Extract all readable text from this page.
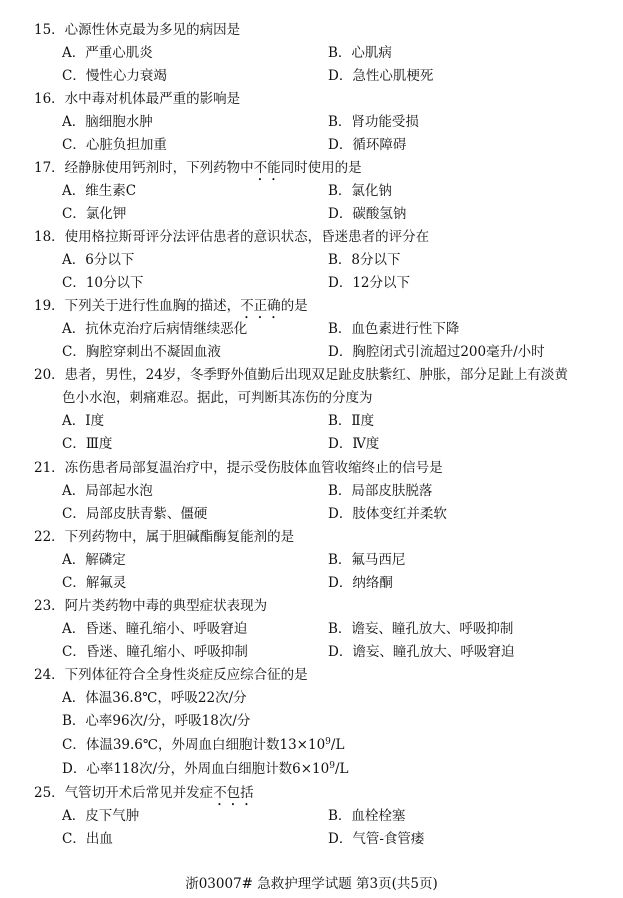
15．心源性休克最为多见的病因是
A．严重心肌炎	B．心肌病
C．慢性心力衰竭	D．急性心肌梗死
16．水中毒对机体最严重的影响是
A．脑细胞水肿	B．肾功能受损
C．心脏负担加重	D．循环障碍
17．经静脉使用钙剂时，下列药物中不能同时使用的是
A．维生素C	B．氯化钠
C．氯化钾	D．碳酸氢钠
18．使用格拉斯哥评分法评估患者的意识状态，昏迷患者的评分在
A．6分以下	B．8分以下
C．10分以下	D．12分以下
19．下列关于进行性血胸的描述，不正确的是
A．抗休克治疗后病情继续恶化	B．血色素进行性下降
C．胸腔穿刺出不凝固血液	D．胸腔闭式引流超过200毫升/小时
20．患者，男性，24岁，冬季野外值勤后出现双足趾皮肤紫红、肿胀，部分足趾上有淡黄
色小水泡，刺痛难忍。据此，可判断其冻伤的分度为
A．Ⅰ度	B．Ⅱ度
C．Ⅲ度	D．Ⅳ度
21．冻伤患者局部复温治疗中，提示受伤肢体血管收缩终止的信号是
A．局部起水泡	B．局部皮肤脱落
C．局部皮肤青紫、僵硬	D．肢体变红并柔软
22．下列药物中，属于胆碱酯酶复能剂的是
A．解磷定	B．氟马西尼
C．解氟灵	D．纳络酮
23．阿片类药物中毒的典型症状表现为
A．昏迷、瞳孔缩小、呼吸窘迫	B．谵妄、瞳孔放大、呼吸抑制
C．昏迷、瞳孔缩小、呼吸抑制	D．谵妄、瞳孔放大、呼吸窘迫
24．下列体征符合全身性炎症反应综合征的是
A．体温36.8℃，呼吸22次/分
B．心率96次/分，呼吸18次/分
C．体温39.6℃，外周血白细胞计数$13\times 10^9/L$
D．心率118次/分，外周血白细胞计数$6\times 10^9/L$
25．气管切开术后常见并发症不包括
A．皮下气肿	B．血栓栓塞
C．出血	D．气管-食管瘘
浙03007# 急救护理学试题 第3页(共5页)
